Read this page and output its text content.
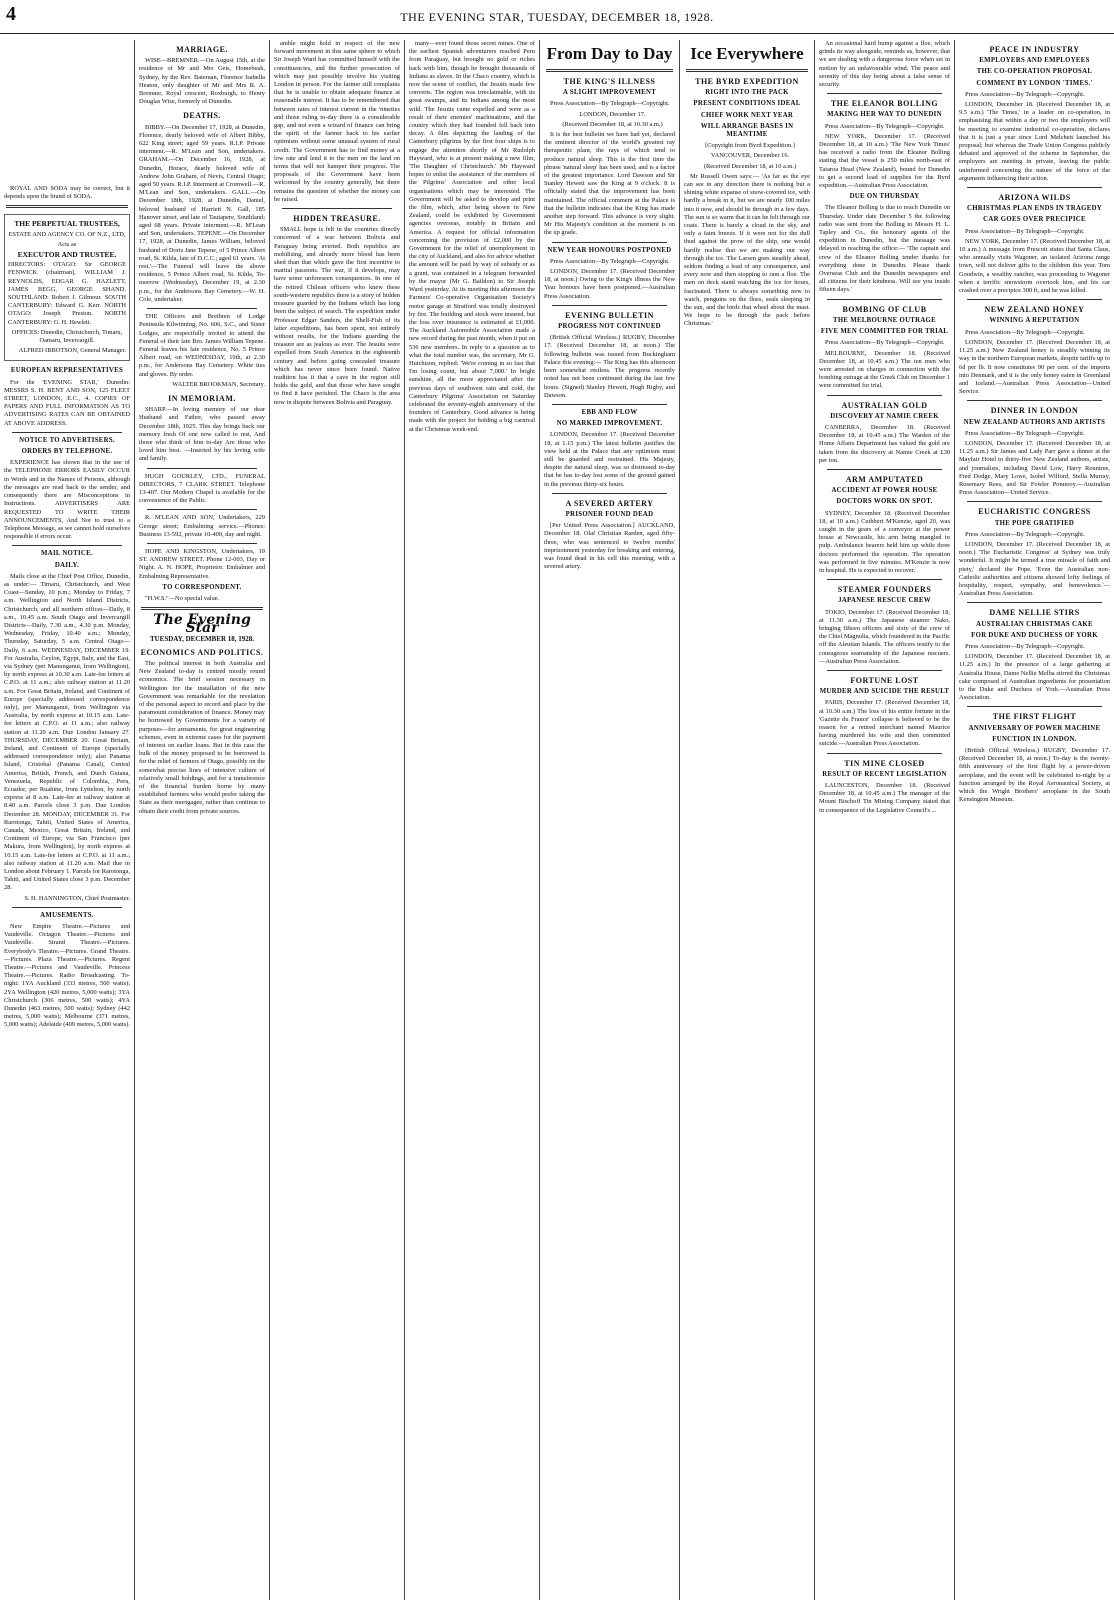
4	THE EVENING STAR, TUESDAY, DECEMBER 18, 1928.

ROYAL AND SODA may be correct, but it depends upon the brand of SODA.

THE PERPETUAL TRUSTEES,

ESTATE AND AGENCY CO. OF N.Z., LTD,

Acts as

EXECUTOR AND TRUSTEE.

DIRECTORS: OTAGO: Sir GEORGE FENWICK (chairman), WILLIAM J. REYNOLDS, EDGAR G. HAZLETT, JAMES BEGG, GEORGE SHAND. SOUTHLAND: Robert J. Gilmour. SOUTH CANTERBURY: Edward G. Kerr. NORTH OTAGO: Joseph Preston. NORTH CANTERBURY: G. H. Hewlett.

OFFICES: Dunedin, Christchurch, Timaru, Oamaru, Invercargill.

ALFRED IBBOTSON, General Manager.

EUROPEAN REPRESENTATIVES

For the 'EVENING STAR,' Dunedin: MESSRS S. H. BENT AND SON, 125 FLEET STREET, LONDON, E.C., 4. COPIES OF PAPERS AND FULL INFORMATION AS TO ADVERTISING RATES CAN BE OBTAINED AT ABOVE ADDRESS.

NOTICE TO ADVERTISERS.
ORDERS BY TELEPHONE.

EXPERIENCE has shown that in the use of the TELEPHONE ERRORS EASILY OCCUR in Words and in the Names of Persons, although the messages are read back to the sender, and consequently there are Misconceptions in Instructions. ADVERTISERS ARE REQUESTED TO WRITE THEIR ANNOUNCEMENTS, And Not to trust to a Telephone Message, as we cannot hold ourselves responsible if errors occur.

MAIL NOTICE.
DAILY.

Mails close at the Chief Post Office, Dunedin, as under:— Timaru, Christchurch, and West Coast—Sunday, 10 p.m.; Monday to Friday, 7 a.m. Wellington and North Island Districts, Christchurch, and all northern offices—Daily, 8 a.m., 10.45 a.m. South Otago and Invercargill Districts—Daily, 7.30 a.m., 4.30 p.m. Monday, Wednesday, Friday, 10.40 a.m.; Monday, Thursday, Saturday, 5 a.m. Central Otago—Daily, 6 a.m. WEDNESDAY, DECEMBER 19. For Australia, Ceylon, Egypt, Italy, and the East, via Sydney (per Manunganui, from Wellington), by north express at 10.30 a.m. Late-fee letters at C.P.O. at 11 a.m.; also railway station at 11.20 a.m. For Great Britain, Ireland, and Continent of Europe (specially addressed correspondence only), per Manunganui, from Wellington via Australia, by north express at 10.15 a.m. Late-fee letters at C.P.O. at 11 a.m.; also railway station at 11.20 a.m. Due London January 27. THURSDAY, DECEMBER 20. Great Britain, Ireland, and Continent of Europe (specially addressed correspondence only); also Panama Island, Cristobal (Panama Canal), Central America, British, French, and Dutch Guiana, Venezuela, Republic of Colombia, Peru, Ecuador, per Ruahine, from Lyttelton, by north express at 8 a.m. Late-fee at railway station at 8.40 a.m. Parcels close 3 p.m. Due London December 28. MONDAY, DECEMBER 31. For Rarotonga, Tahiti, United States of America, Canada, Mexico, Great Britain, Ireland, and Continent of Europe, via San Francisco (per Makura, from Wellington), by north express at 10.15 a.m. Late-fee letters at C.P.O. at 11 a.m.; also railway station at 11.20 a.m. Mail due in London about February 1. Parcels for Rarotonga, Tahiti, and United States close 3 p.m. December 28.

S. H. HANNINGTON, Chief Postmaster.

AMUSEMENTS.

New Empire Theatre.—Pictures and Vaudeville. Octagon Theatre.—Pictures and Vaudeville. Strand Theatre.—Pictures. Everybody's Theatre.—Pictures. Grand Theatre.—Pictures. Plaza Theatre.—Pictures. Regent Theatre.—Pictures and Vaudeville. Princess Theatre.—Pictures. Radio Broadcasting. To-night: 1YA Auckland (333 metres, 500 watts); 2YA Wellington (420 metres, 5,000 watts); 3YA Christchurch (306 metres, 500 watts); 4YA Dunedin (463 metres, 500 watts); Sydney (442 metres, 5,000 watts); Melbourne (371 metres, 5,000 watts); Adelaide (409 metres, 5,000 watts).

MARRIAGE.

WISE—BREMNER.—On August 15th, at the residence of Mr and Mrs Geis, Homebush, Sydney, by the Rev. Bateman, Florence Isabella Heaton, only daughter of Mr and Mrs R. A. Bremner, Royal crescent, Roxburgh, to Henry Douglas Wise, formerly of Dunedin.

DEATHS.

BIBBY.—On December 17, 1928, at Dunedin, Florence, dearly beloved wife of Albert Bibby, 622 King street; aged 59 years. R.I.P. Private interment.—R. M'Lean and Son, undertakers. GRAHAM.—On December 16, 1928, at Dunedin, Horace, dearly beloved wife of Andrew John Graham, of Nevis, Central Otago; aged 50 years. R.I.P. Interment at Cromwell.—R. M'Lean and Son, undertakers. GALL.—On December 18th, 1928, at Dunedin, Daniel, beloved husband of Harriett N. Gall, 185 Hanover street, and late of Tautapere, Southland; aged 68 years. Private interment.—R. M'Lean and Son, undertakers. TEPENE.—On December 17, 1928, at Dunedin, James William, beloved husband of Doris Jane Tepene, of 5 Prince Albert road, St. Kilda, late of D.C.C.; aged 61 years. 'At rest.'—The Funeral will leave the above residence, 5 Prince Albert road, St. Kilda, To-morrow (Wednesday), December 19, at 2.30 p.m., for the Andersons Bay Cemetery.—W. H. Cole, undertaker.

THE Officers and Brethren of Lodge Peninsula Kilwinning, No. 606, S.C., and Sister Lodges, are respectfully invited to attend the Funeral of their late Bro. James William Tepene. Funeral leaves his late residence, No. 5 Prince Albert road, on WEDNESDAY, 19th, at 2.30 p.m., for Andersons Bay Cemetery. White ties and gloves. By order.

WALTER BROOKMAN, Secretary.

IN MEMORIAM.

SHARP.—In loving memory of our dear Husband and Father, who passed away December 18th, 1925. This day brings back our memory fresh Of one now called to rest, And those who think of him to-day Are those who loved him best. —Inserted by his loving wife and family.

HUGH GOURLEY, LTD., FUNERAL DIRECTORS, 7 CLARK STREET. Telephone 13-407. Our Modern Chapel is available for the convenience of the Public.

R. M'LEAN AND SON, Undertakers, 229 George street; Embalming service.—Phones: Business 13-592, private 10-400, day and night.

HOPE AND KINGSTON, Undertakers, 19 ST. ANDREW STREET. Phone 12-003, Day or Night. A. N. HOPE, Proprietor. Embalmer and Embalming Representative.

TO CORRESPONDENT.

"H.W.S."—No special value.

The Evening Star
TUESDAY, DECEMBER 18, 1928.
ECONOMICS AND POLITICS.

The political interest in both Australia and New Zealand to-day is centred mostly round economics. The brief session necessary in Wellington for the installation of the new Government was remarkable for the revelation of the personal aspect to record and place by the paramount consideration of finance. Money may be borrowed by Governments for a variety of purposes—for armaments, for great engineering schemes, even in extreme cases for the payment of interest on earlier loans. But in this case the bulk of the money proposed to be borrowed is for the relief of farmers of Otago, possibly on the somewhat precise lines of intensive culture of relatively small holdings, and for a transference of the financial burden borne by many established farmers who would prefer taking the State as their mortgagee, rather than continue to obtain their credit from private sources.

amble might hold in respect of the new forward movement in this same sphere to which Sir Joseph Ward has committed himself with the constituencies, and the further prosecution of which may just possibly involve his visiting London in person. For the farmer still complains that he is unable to obtain adequate finance at reasonable interest. It has to be remembered that between rates of interest current in the 'nineties and those ruling to-day there is a considerable gap, and not even a wizard of finance can bring the spirit of the farmer back to his earlier optimism without some unusual system of rural credit. The Government has to find money at a low rate and lend it to the men on the land on terms that will not hamper their progress. The proposals of the Government have been welcomed by the country generally, but there remains the question of whether the money can be raised.

HIDDEN TREASURE.

SMALL hope is felt in the countries directly concerned of a war between Bolivia and Paraguay being averted. Both republics are mobilising, and already more blood has been shed than that which gave the first incentive to martial passions. The war, if it develops, may have some unforeseen consequences. In one of the retired Chilean officers who knew these south-western republics there is a story of hidden treasure guarded by the Indians which has long been the subject of search. The expedition under Professor Edgar Sanders, the Shell-Fish of its latter expeditions, has been spent, not entirely without results, for the Indians guarding the treasure are as jealous as ever. The Jesuits were expelled from South America in the eighteenth century and before going concealed treasure which has never since been found. Native tradition has it that a cave in the region still holds the gold, and that those who have sought to find it have perished. The Chaco is the area now in dispute between Bolivia and Paraguay.

many—ever found those secret mines. One of the earliest Spanish adventurers reached Peru from Paraguay, but brought no gold or riches back with him, though he brought thousands of Indians as slaves. In the Chaco country, which is now the scene of conflict, the Jesuits made few converts. The region was irreclaimable, with its great swamps, and its Indians among the most wild. The Jesuits came expelled and were as a result of their enemies' machinations, and the country which they had founded fell back into decay. A film depicting the landing of the Canterbury pilgrims by the first four ships is to engage the attention shortly of Mr Rudolph Hayward, who is at present making a new film, 'The Daughter of Christchurch.' Mr Hayward hopes to enlist the assistance of the members of the Pilgrims' Association and other local organisations which may be interested. The Government will be asked to develop and print the film, which, after being shown in New Zealand, could be exhibited by Government agencies overseas, notably in Britain and America. A request for official information concerning the provision of £2,000 by the Government for the relief of unemployment in the city of Auckland, and also for advice whether the amount will be paid by way of subsidy or as a grant, was contained in a telegram forwarded by the mayor (Mr G. Baildon) to Sir Joseph Ward yesterday. At its meeting this afternoon the Farmers' Co-operative Organisation Society's motor garage at Stratford was totally destroyed by fire. The building and stock were insured, but the loss over insurance is estimated at £1,000. The Auckland Automobile Association made a new record during the past month, when it put on 536 new members. In reply to a question as to what the total number was, the secretary, Mr G. Hutchison, replied: 'We're coming in so fast that I'm losing count, but about 7,000.' In bright sunshine, all the more appreciated after the previous days of southwest rain and cold, the Canterbury Pilgrims' Association on Saturday celebrated the seventy-eighth anniversary of the founders of Canterbury. Good advance is being made with the project for holding a big carnival at the Christmas week-end.

From Day to Day
THE KING'S ILLNESS
A SLIGHT IMPROVEMENT

Press Association—By Telegraph—Copyright.

LONDON, December 17.

(Received December 18, at 10.30 a.m.)

It is the best bulletin we have had yet, declared the eminent director of the world's greatest ray therapeutic plant, the rays of which tend to produce natural sleep. This is the first time the phrase 'natural sleep' has been used, and is a factor of the greatest importance. Lord Dawson and Sir Stanley Hewett saw the King at 9 o'clock. It is officially stated that the improvement has been maintained. The official comment at the Palace is that the bulletin indicates that the King has made another step forward. This advance is very slight. Mr His Majesty's condition at the moment is on the up grade.

NEW YEAR HONOURS POSTPONED

Press Association—By Telegraph—Copyright.

LONDON, December 17. (Received December 18, at noon.) Owing to the King's illness the New Year honours have been postponed.—Australian Press Association.

EVENING BULLETIN
PROGRESS NOT CONTINUED

(British Official Wireless.) RUGBY, December 17. (Received December 18, at noon.) The following bulletin was issued from Buckingham Palace this evening:— The King has this afternoon been somewhat restless. The progress recently noted has not been continued during the last few hours. (Signed) Stanley Hewett, Hugh Rigby, and Dawson.

EBB AND FLOW
NO MARKED IMPROVEMENT.

LONDON, December 17. (Received December 18, at 1.15 p.m.) The latest bulletin justifies the view held at the Palace that any optimism must still be guarded and restrained. His Majesty, despite the natural sleep, was so distressed to-day that he has to-day lost some of the ground gained in the previous thirty-six hours.

A SEVERED ARTERY
PRISONER FOUND DEAD

[Per United Press Association.] AUCKLAND, December 18. Olaf Christian Rarden, aged fifty-three, who was sentenced to twelve months' imprisonment yesterday for breaking and entering, was found dead in his cell this morning, with a severed artery.

Ice Everywhere
THE BYRD EXPEDITION
RIGHT INTO THE PACK
PRESENT CONDITIONS IDEAL
CHIEF WORK NEXT YEAR
WILL ARRANGE BASES IN MEANTIME

[Copyright from Byrd Expedition.]

VANCOUVER, December 16.

(Received December 18, at 10 a.m.)

Mr Russell Owen says:— 'As far as the eye can see in any direction there is nothing but a shining white expanse of snow-covered ice, with hardly a break in it, but we are nearly 100 miles into it now, and should be through in a few days. The sun is so warm that it can be felt through our coats. There is barely a cloud in the sky, and only a faint breeze. If it were not for the dull thud against the prow of the ship, one would hardly realise that we are making our way through the ice. The Larsen goes steadily ahead, seldom finding a lead of any consequence, and every now and then stopping to ram a floe. The men on deck stand watching the ice for hours, fascinated. There is always something new to watch, penguins on the floes, seals sleeping in the sun, and the birds that wheel about the mast. We hope to be through the pack before Christmas.'

An occasional hard bump against a floe, which grinds its way alongside, reminds us, however, that we are dealing with a dangerous force when set in motion by an unfavourable wind. The peace and serenity of this day being about a false sense of security.

THE ELEANOR BOLLING
MAKING HER WAY TO DUNEDIN

Press Association—By Telegraph—Copyright.

NEW YORK, December 17. (Received December 18, at 10 a.m.) 'The New York Times' has received a radio from the Eleanor Bolling stating that the vessel is 250 miles north-east of Taiaroa Head (New Zealand), bound for Dunedin to get a second load of supplies for the Byrd expedition.—Australian Press Association.

DUE ON THURSDAY

The Eleanor Bolling is due to reach Dunedin on Thursday. Under date December 5 the following radio was sent from the Bolling to Messrs H. L. Tapley and Co., the honorary agents of the expedition in Dunedin, but the message was delayed in reaching the office:— 'The captain and crew of the Eleanor Bolling tender thanks for everything done in Dunedin. Please thank Overseas Club and the Dunedin newspapers and all citizens for their kindness. Will see you inside fifteen days.'

BOMBING OF CLUB
THE MELBOURNE OUTRAGE
FIVE MEN COMMITTED FOR TRIAL

Press Association—By Telegraph—Copyright.

MELBOURNE, December 18. (Received December 18, at 10.45 a.m.) The ten men who were arrested on charges in connection with the bombing outrage at the Greek Club on December 1 were committed for trial.

AUSTRALIAN GOLD
DISCOVERY AT NAMIE CREEK

CANBERRA, December 18. (Received December 18, at 10.45 a.m.) The Warden of the Home Affairs Department has valued the gold ore taken from the discovery at Namie Creek at £30 per ton.

ARM AMPUTATED
ACCIDENT AT POWER HOUSE
DOCTORS WORK ON SPOT.

SYDNEY, December 18. (Received December 18, at 10 a.m.) Cuthbert M'Kenzie, aged 20, was caught in the gears of a conveyor at the power house at Newcastle, his arm being mangled to pulp. Ambulance bearers held him up while three doctors performed the operation. The operation was performed in five minutes. M'Kenzie is now in hospital. He is expected to recover.

STEAMER FOUNDERS
JAPANESE RESCUE CREW

TOKIO, December 17. (Received December 18, at 11.30 a.m.) The Japanese steamer Nako, bringing fifteen officers and sixty of the crew of the Chiel Magnolia, which foundered in the Pacific off the Aleutian Islands. The officers testify to the courageous seamanship of the Japanese rescuers.—Australian Press Association.

FORTUNE LOST
MURDER AND SUICIDE THE RESULT

PARIS, December 17. (Received December 18, at 10.30 a.m.) The loss of his entire fortune in the 'Gazette du France' collapse is believed to be the reason for a retired merchant named Maurice having murdered his wife and then committed suicide.—Australian Press Association.

TIN MINE CLOSED
RESULT OF RECENT LEGISLATION

LAUNCESTON, December 18. (Received December 18, at 10.45 a.m.) The manager of the Mount Bischoff Tin Mining Company stated that in consequence of the Legislative Council's ...

PEACE IN INDUSTRY
EMPLOYERS AND EMPLOYEES
THE CO-OPERATION PROPOSAL
COMMENT BY LONDON 'TIMES.'

Press Association—By Telegraph—Copyright.

LONDON, December 18. (Received December 18, at 9.5 a.m.) 'The Times,' in a leader on co-operation, in emphasising that within a day or two the employers will be meeting to examine industrial co-operation, declares that it is just a year since Lord Melchett launched his proposal; but whereas the Trade Union Congress publicly debated and approved of the scheme in September, the employers are meeting in private, leaving the public uninformed concerning the nature of the force of the arguments influencing their action.

ARIZONA WILDS
CHRISTMAS PLAN ENDS IN TRAGEDY
CAR GOES OVER PRECIPICE

Press Association—By Telegraph—Copyright.

NEW YORK, December 17. (Received December 18, at 10 a.m.) A message from Prescott states that Santa Claus, who annually visits Wagoner, an isolated Arizona range town, will not deliver gifts to the children this year. Tom Goodwin, a wealthy rancher, was proceeding to Wagoner when a terrific snowstorm overtook him, and his car crashed over a precipice 300 ft, and he was killed.

NEW ZEALAND HONEY
WINNING A REPUTATION

Press Association—By Telegraph—Copyright.

LONDON, December 17. (Received December 18, at 11.25 a.m.) New Zealand honey is steadily winning its way in the northern European markets, despite tariffs up to 6d per lb. It now constitutes 90 per cent. of the imports into Denmark, and it is the only honey eaten in Greenland and Iceland.—Australian Press Association—United Service.

DINNER IN LONDON
NEW ZEALAND AUTHORS AND ARTISTS

Press Association—By Telegraph—Copyright.

LONDON, December 17. (Received December 18, at 11.25 a.m.) Sir James and Lady Parr gave a dinner at the Mayfair Hotel to thirty-five New Zealand authors, artists, and journalists, including David Low, Harry Rountree, Fred Dodge, Mary Lowe, Isobel Wilford, Stella Murray, Rosemary Rees, and Sir Fowler Pomeroy.—Australian Press Association—United Service.

EUCHARISTIC CONGRESS
THE POPE GRATIFIED

Press Association—By Telegraph—Copyright.

LONDON, December 17. (Received December 18, at noon.) 'The Eucharistic Congress' at Sydney was truly wonderful. It might be termed a true miracle of faith and piety,' declared the Pope. 'Even the Australian non-Catholic authorities and citizens showed lofty feelings of hospitality, respect, sympathy, and benevolence.'—Australian Press Association.

DAME NELLIE STIRS
AUSTRALIAN CHRISTMAS CAKE
FOR DUKE AND DUCHESS OF YORK

Press Association—By Telegraph—Copyright.

LONDON, December 17. (Received December 18, at 11.25 a.m.) In the presence of a large gathering at Australia House, Dame Nellie Melba stirred the Christmas cake composed of Australian ingredients for presentation to the Duke and Duchess of York.—Australian Press Association.

THE FIRST FLIGHT
ANNIVERSARY OF POWER MACHINE
FUNCTION IN LONDON.

(British Official Wireless.) RUGBY, December 17. (Received December 18, at noon.) To-day is the twenty-fifth anniversary of the first flight by a power-driven aeroplane, and the event will be celebrated to-night by a function arranged by the Royal Aeronautical Society, at which the Wright Brothers' aeroplane in the South Kensington Museum.
